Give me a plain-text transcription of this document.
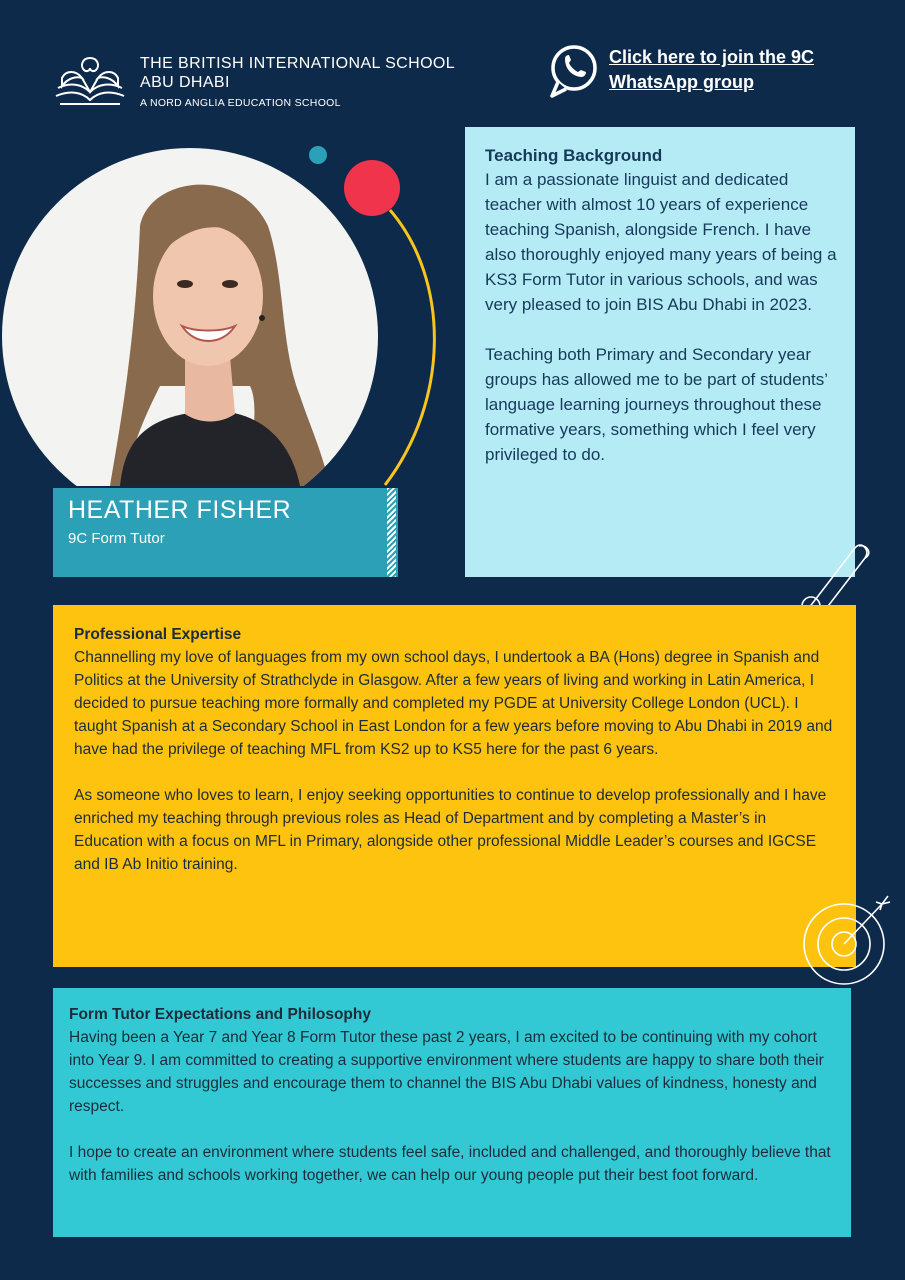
THE BRITISH INTERNATIONAL SCHOOL
ABU DHABI
A NORD ANGLIA EDUCATION SCHOOL
Click here to join the 9C WhatsApp group
HEATHER FISHER
9C Form Tutor
Teaching Background

I am a passionate linguist and dedicated teacher with almost 10 years of experience teaching Spanish, alongside French. I have also thoroughly enjoyed many years of being a KS3 Form Tutor in various schools, and was very pleased to join BIS Abu Dhabi in 2023.

Teaching both Primary and Secondary year groups has allowed me to be part of students’ language learning journeys throughout these formative years, something which I feel very privileged to do.

Professional Expertise

Channelling my love of languages from my own school days, I undertook a BA (Hons) degree in Spanish and Politics at the University of Strathclyde in Glasgow. After a few years of living and working in Latin America, I decided to pursue teaching more formally and completed my PGDE at University College London (UCL). I taught Spanish at a Secondary School in East London for a few years before moving to Abu Dhabi in 2019 and have had the privilege of teaching MFL from KS2 up to KS5 here for the past 6 years.

As someone who loves to learn, I enjoy seeking opportunities to continue to develop professionally and I have enriched my teaching through previous roles as Head of Department and by completing a Master’s in Education with a focus on MFL in Primary, alongside other professional Middle Leader’s courses and IGCSE and IB Ab Initio training.

Form Tutor Expectations and Philosophy

Having been a Year 7 and Year 8 Form Tutor these past 2 years, I am excited to be continuing with my cohort into Year 9. I am committed to creating a supportive environment where students are happy to share both their successes and struggles and encourage them to channel the BIS Abu Dhabi values of kindness, honesty and respect.

I hope to create an environment where students feel safe, included and challenged, and thoroughly believe that with families and schools working together, we can help our young people put their best foot forward.
